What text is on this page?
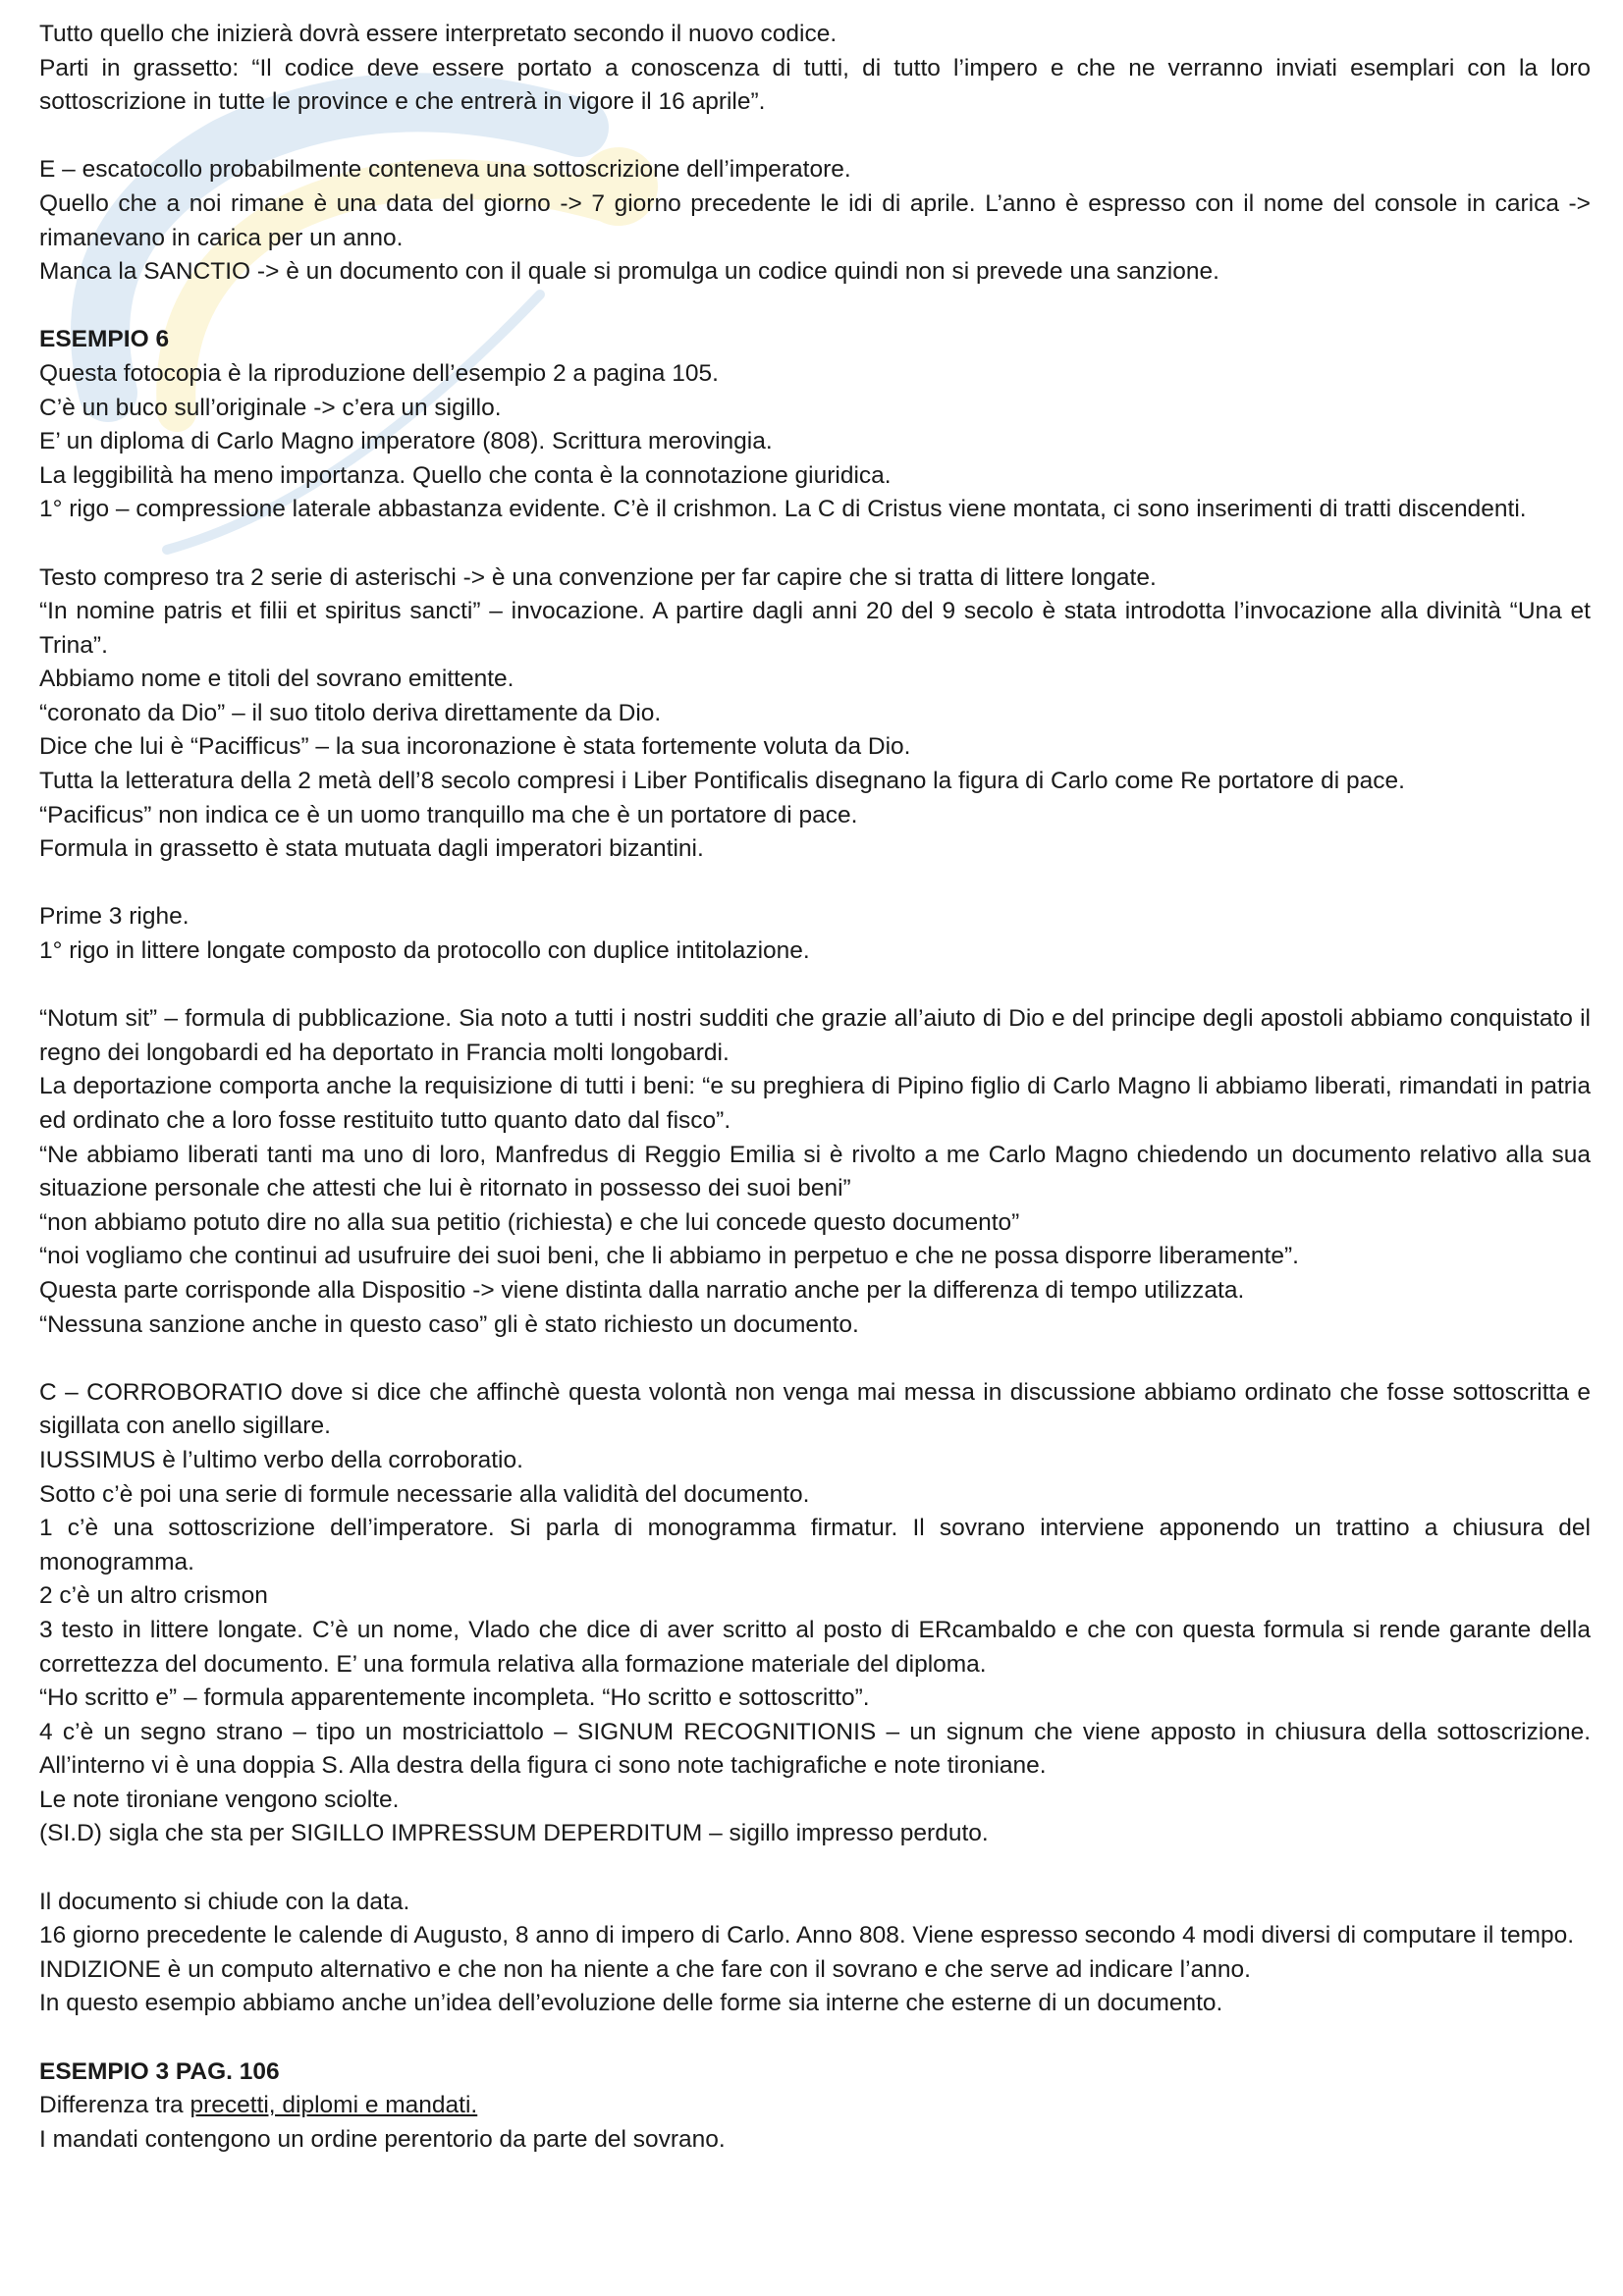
Tutto quello che inizierà dovrà essere interpretato secondo il nuovo codice.

Parti in grassetto: “Il codice deve essere portato a conoscenza di tutti, di tutto l’impero e che ne verranno inviati esemplari con la loro sottoscrizione in tutte le province e che entrerà in vigore il 16 aprile”.

E – escatocollo probabilmente conteneva una sottoscrizione dell’imperatore.

Quello che a noi rimane è una data del giorno -> 7 giorno precedente le idi di aprile. L’anno è espresso con il nome del console in carica -> rimanevano in carica per un anno.

Manca la SANCTIO -> è un documento con il quale si promulga un codice quindi non si prevede una sanzione.

ESEMPIO 6

Questa fotocopia è la riproduzione dell’esempio 2 a pagina 105.

C’è un buco sull’originale -> c’era un sigillo.

E’ un diploma di Carlo Magno imperatore (808). Scrittura merovingia.

La leggibilità ha meno importanza. Quello che conta è la connotazione giuridica.

1° rigo – compressione laterale abbastanza evidente. C’è il crishmon. La C di Cristus viene montata, ci sono inserimenti di tratti discendenti.

Testo compreso tra 2 serie di asterischi -> è una convenzione per far capire che si tratta di littere longate.

“In nomine patris et filii et spiritus sancti” – invocazione. A partire dagli anni 20 del 9 secolo è stata introdotta l’invocazione alla divinità “Una et Trina”.

Abbiamo nome e titoli del sovrano emittente.

“coronato da Dio” – il suo titolo deriva direttamente da Dio.

Dice che lui è “Pacifficus” – la sua incoronazione è stata fortemente voluta da Dio.

Tutta la letteratura della 2 metà dell’8 secolo compresi i Liber Pontificalis disegnano la figura di Carlo come Re portatore di pace.

“Pacificus” non indica ce è un uomo tranquillo ma che è un portatore di pace.

Formula in grassetto è stata mutuata dagli imperatori bizantini.

Prime 3 righe.

1° rigo in littere longate composto da protocollo con duplice intitolazione.

“Notum sit” – formula di pubblicazione. Sia noto a tutti i nostri sudditi che grazie all’aiuto di Dio e del principe degli apostoli abbiamo conquistato il regno dei longobardi ed ha deportato in Francia molti longobardi.

La deportazione comporta anche la requisizione di tutti i beni: “e su preghiera di Pipino figlio di Carlo Magno li abbiamo liberati, rimandati in patria ed ordinato che a loro fosse restituito tutto quanto dato dal fisco”.

“Ne abbiamo liberati tanti ma uno di loro, Manfredus di Reggio Emilia si è rivolto a me Carlo Magno chiedendo un documento relativo alla sua situazione personale che attesti che lui è ritornato in possesso dei suoi beni”

“non abbiamo potuto dire no alla sua petitio (richiesta) e che lui concede questo documento”

“noi vogliamo che continui ad usufruire dei suoi beni, che li abbiamo in perpetuo e che ne possa disporre liberamente”.

Questa parte corrisponde alla Dispositio -> viene distinta dalla narratio anche per la differenza di tempo utilizzata.

“Nessuna sanzione anche in questo caso” gli è stato richiesto un documento.

C – CORROBORATIO dove si dice che affinchè questa volontà non venga mai messa in discussione abbiamo ordinato che fosse sottoscritta e sigillata con anello sigillare.

IUSSIMUS è l’ultimo verbo della corroboratio.

Sotto c’è poi una serie di formule necessarie alla validità del documento.

1 c’è una sottoscrizione dell’imperatore. Si parla di monogramma firmatur. Il sovrano interviene apponendo un trattino a chiusura del monogramma.

2 c’è un altro crismon

3 testo in littere longate. C’è un nome, Vlado che dice di aver scritto al posto di ERcambaldo e che con questa formula si rende garante della correttezza del documento. E’ una formula relativa alla formazione materiale del diploma.

“Ho scritto e” – formula apparentemente incompleta. “Ho scritto e sottoscritto”.

4 c’è un segno strano – tipo un mostriciattolo – SIGNUM RECOGNITIONIS – un signum che viene apposto in chiusura della sottoscrizione. All’interno vi è una doppia S. Alla destra della figura ci sono note tachigrafiche e note tironiane.

Le note tironiane vengono sciolte.

(SI.D) sigla che sta per SIGILLO IMPRESSUM DEPERDITUM – sigillo impresso perduto.

Il documento si chiude con la data.

16 giorno precedente le calende di Augusto, 8 anno di impero di Carlo. Anno 808. Viene espresso secondo 4 modi diversi di computare il tempo.

INDIZIONE è un computo alternativo e che non ha niente a che fare con il sovrano e che serve ad indicare l’anno.

In questo esempio abbiamo anche un’idea dell’evoluzione delle forme sia interne che esterne di un documento.

ESEMPIO 3 PAG. 106

Differenza tra precetti, diplomi e mandati.

I mandati contengono un ordine perentorio da parte del sovrano.
